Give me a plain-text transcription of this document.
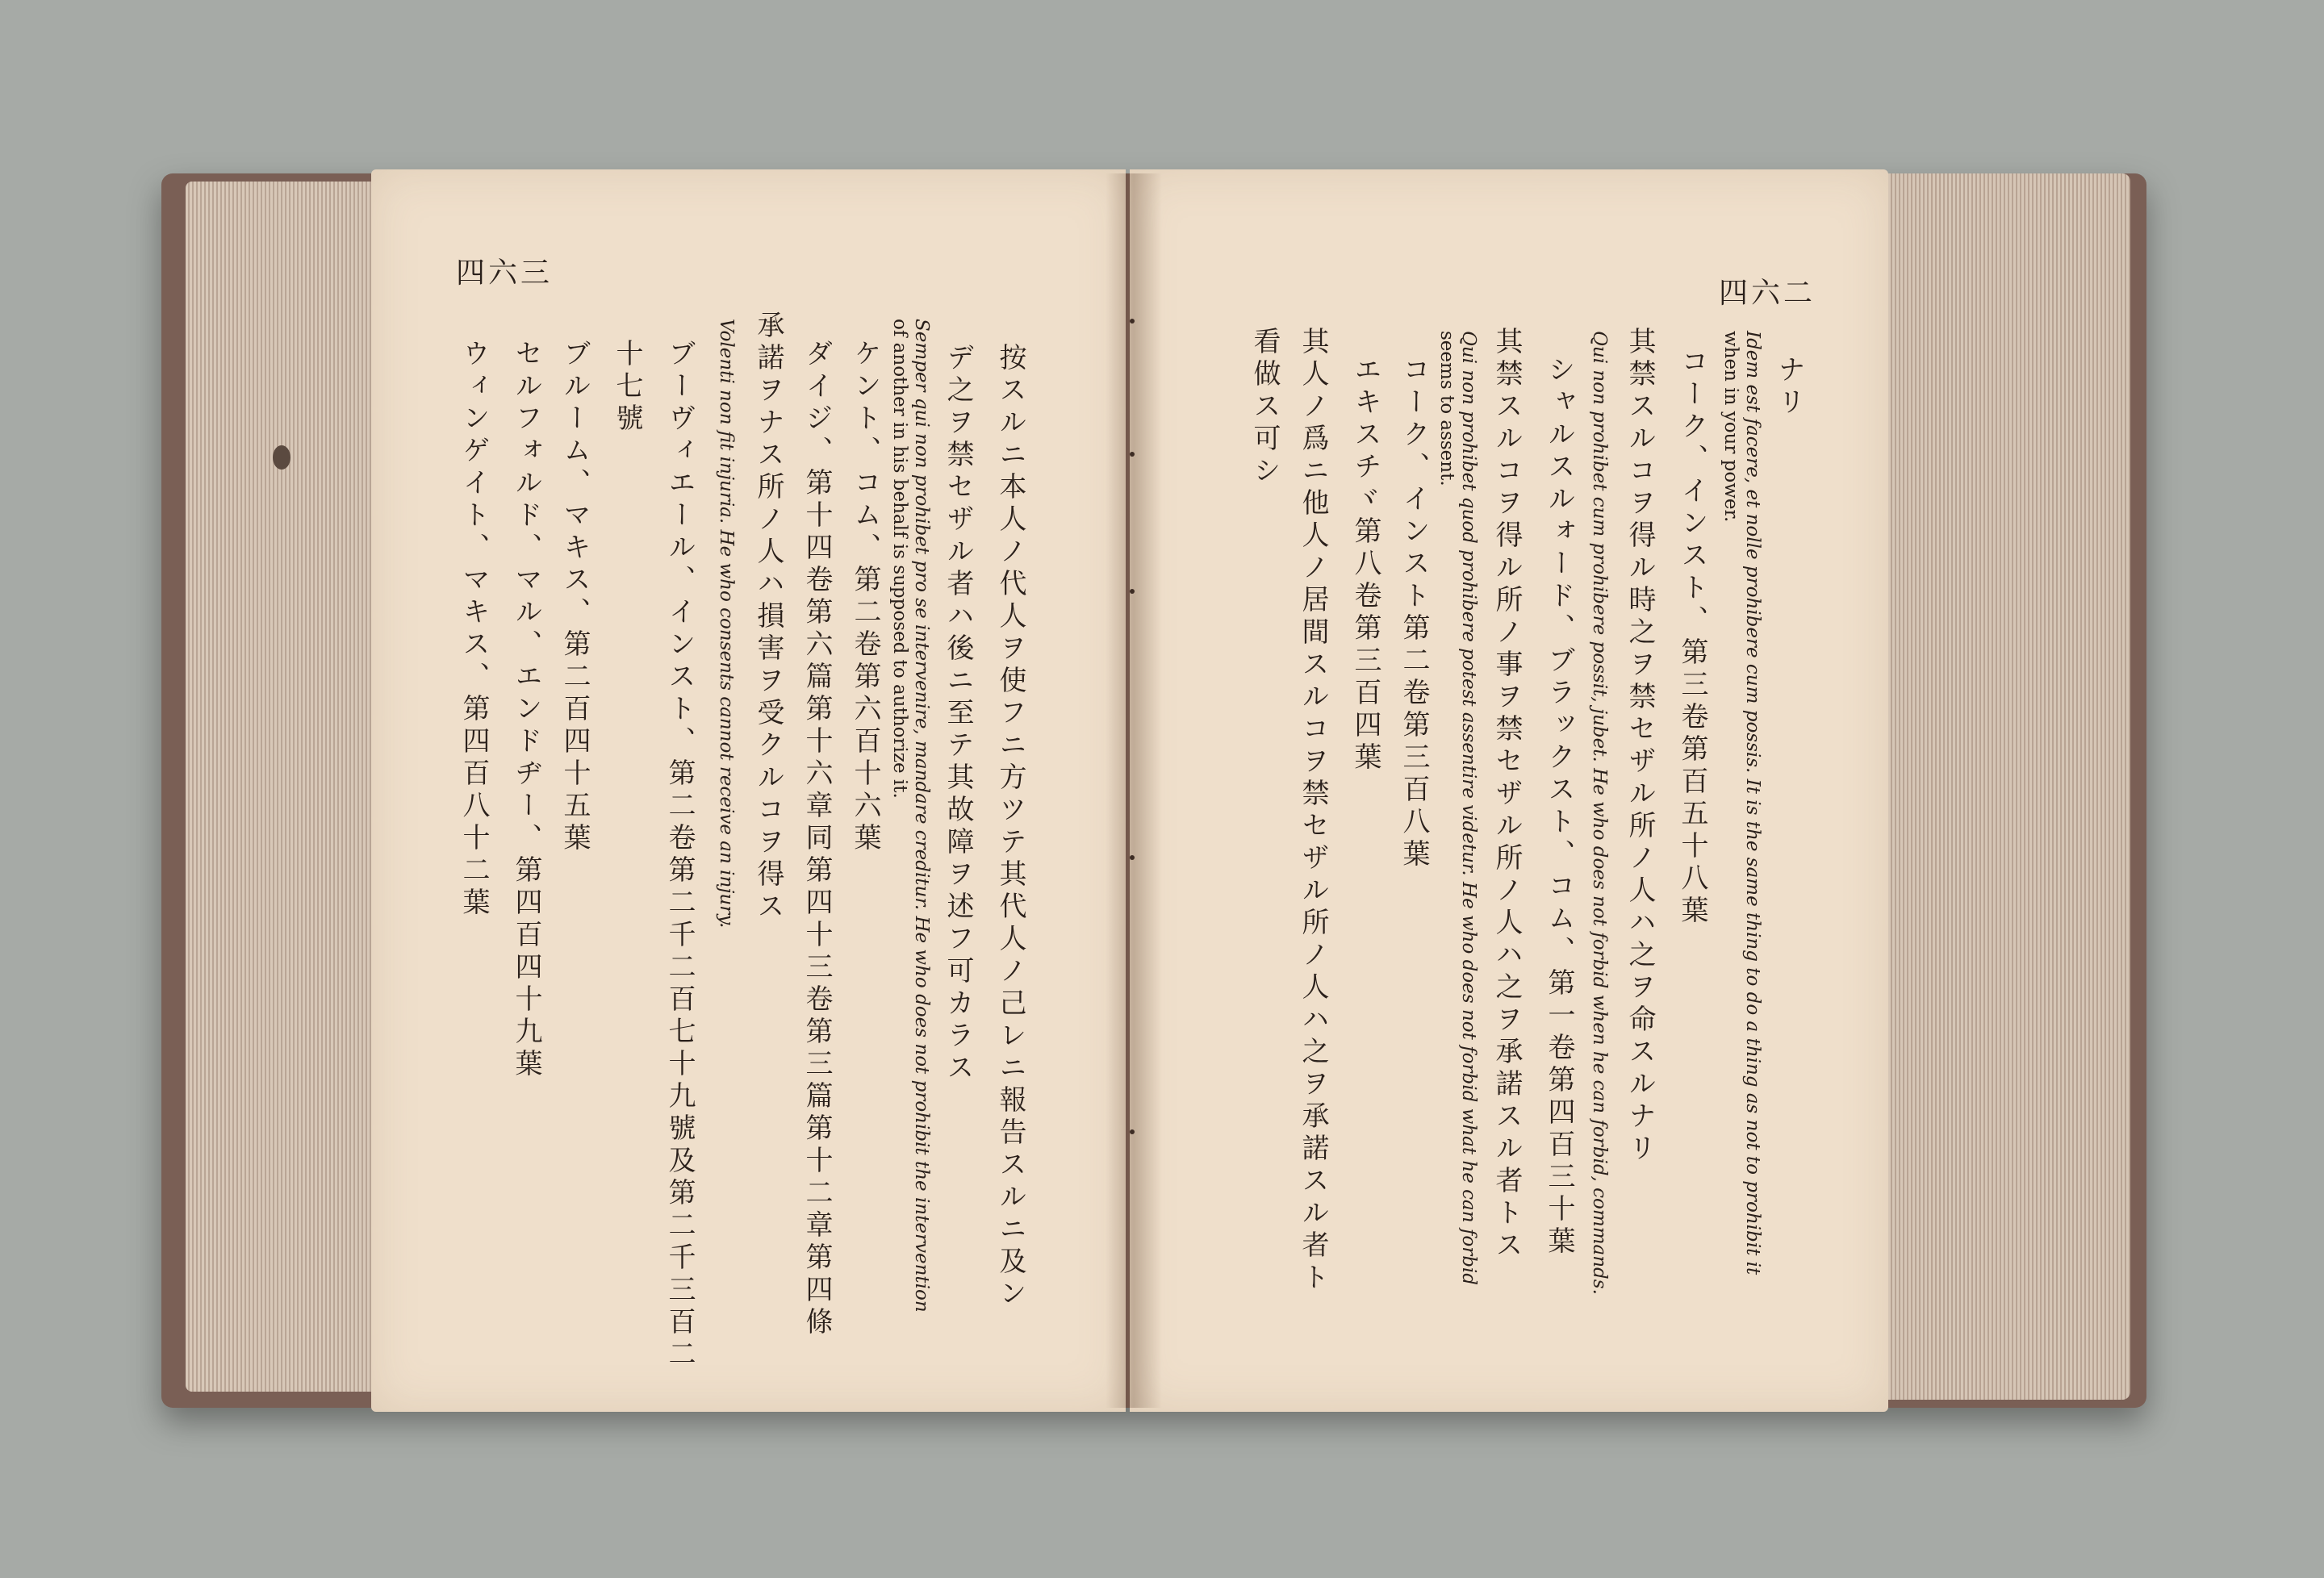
四六三

按スルニ本人ノ代人ヲ使フニ方ツテ其代人ノ己レニ報告スルニ及ン

デ之ヲ禁セザル者ハ後ニ至テ其故障ヲ述フ可カラス

Semper qui non prohibet pro se intervenire, mandare creditur. He who does not prohibit the intervention

of another in his behalf is supposed to authorize it.

ケント、コム、第二卷第六百十六葉

ダイジ、第十四卷第六篇第十六章同第四十三卷第三篇第十二章第四條

承諾ヲナス所ノ人ハ損害ヲ受クルコヲ得ス

Volenti non fit injuria. He who consents cannot receive an injury.

ブーヴィエール、インスト、第二卷第二千二百七十九號及第二千三百二

十七號

ブルーム、マキス、第二百四十五葉

セルフォルド、マル、エンドヂー、第四百四十九葉

ウィンゲイト、マキス、第四百八十二葉

四六二

ナリ

Idem est facere, et nolle prohibere cum possis. It is the same thing to do a thing as not to prohibit it

when in your power.

コーク、インスト、第三卷第百五十八葉

其禁スルコヲ得ル時之ヲ禁セザル所ノ人ハ之ヲ命スルナリ

Qui non prohibet cum prohibere possit, jubet. He who does not forbid when he can forbid, commands.

シャルスルォード、ブラックスト、コム、第一卷第四百三十葉

其禁スルコヲ得ル所ノ事ヲ禁セザル所ノ人ハ之ヲ承諾スル者トス

Qui non prohibet quod prohibere potest assentire videtur. He who does not forbid what he can forbid

seems to assent.

コーク、インスト第二卷第三百八葉

エキスチヾ第八卷第三百四葉

其人ノ爲ニ他人ノ居間スルコヲ禁セザル所ノ人ハ之ヲ承諾スル者ト

看做ス可シ
